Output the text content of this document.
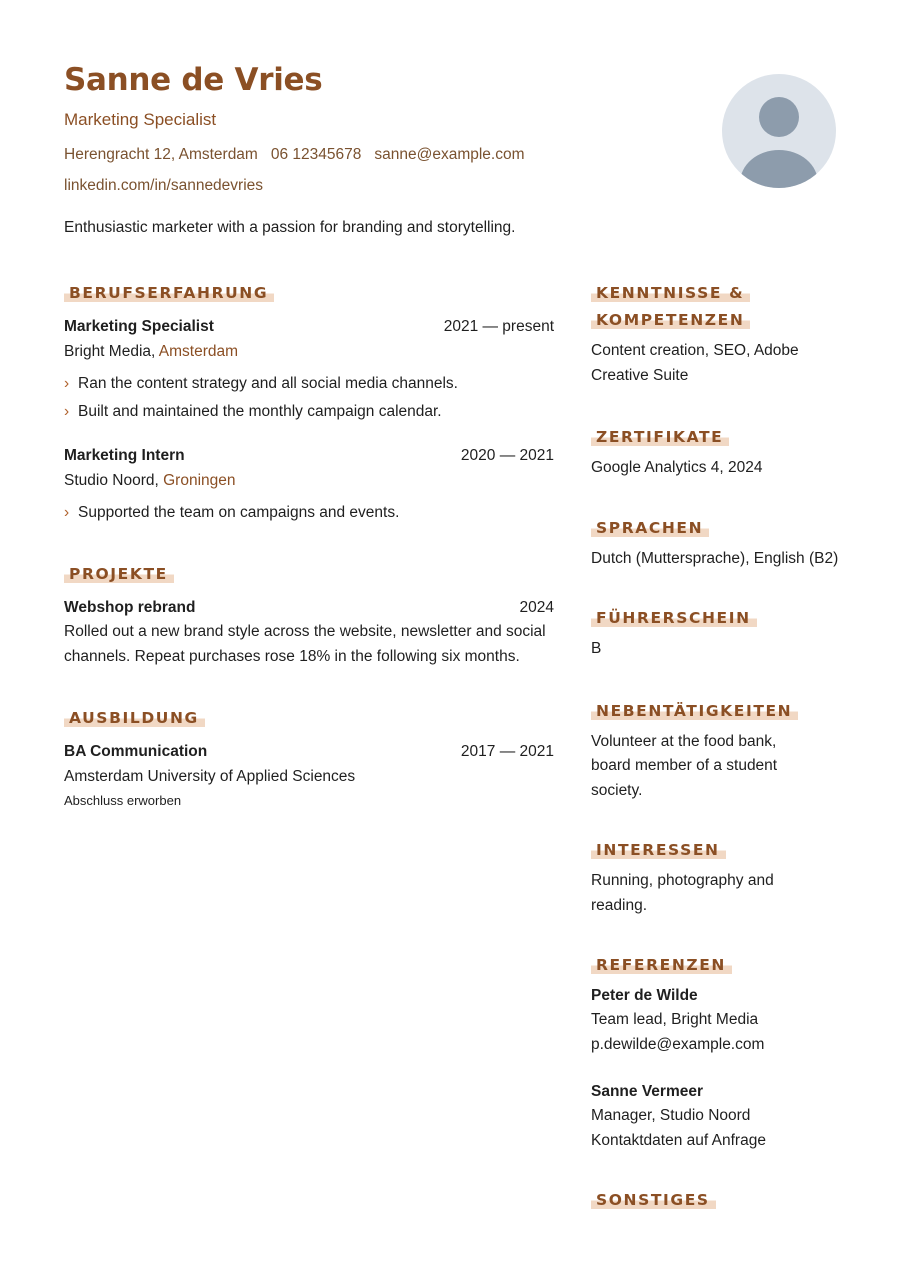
Sanne de Vries
Marketing Specialist
Herengracht 12, Amsterdam 06 12345678 sanne@example.com
linkedin.com/in/sannedevries
Enthusiastic marketer with a passion for branding and storytelling.
BERUFSERFAHRUNG
Marketing Specialist	2021 — present
Bright Media, Amsterdam
› Ran the content strategy and all social media channels.
› Built and maintained the monthly campaign calendar.
Marketing Intern	2020 — 2021
Studio Noord, Groningen
› Supported the team on campaigns and events.
PROJEKTE
Webshop rebrand	2024
Rolled out a new brand style across the website, newsletter and social channels. Repeat purchases rose 18% in the following six months.
AUSBILDUNG
BA Communication	2017 — 2021
Amsterdam University of Applied Sciences
Abschluss erworben
KENNTNISSE & KOMPETENZEN
Content creation, SEO, Adobe Creative Suite
ZERTIFIKATE
Google Analytics 4, 2024
SPRACHEN
Dutch (Muttersprache), English (B2)
FÜHRERSCHEIN
B
NEBENTÄTIGKEITEN
Volunteer at the food bank, board member of a student society.
INTERESSEN
Running, photography and reading.
REFERENZEN
Peter de Wilde
Team lead, Bright Media
p.dewilde@example.com
Sanne Vermeer
Manager, Studio Noord
Kontaktdaten auf Anfrage
SONSTIGES
